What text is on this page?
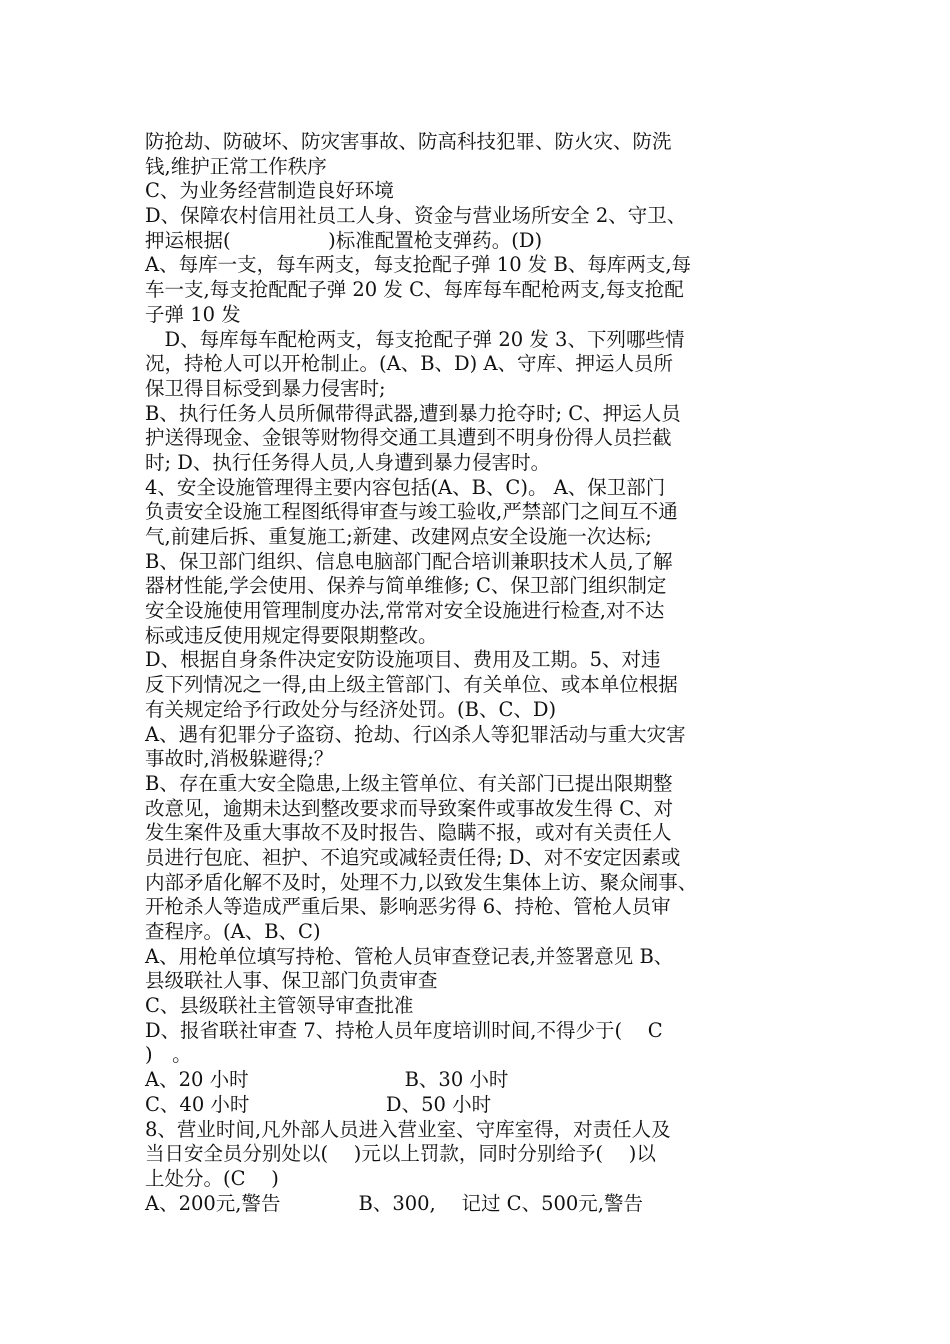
防抢劫、防破坏、防灾害事故、防高科技犯罪、防火灾、防洗
钱,维护正常工作秩序
C、为业务经营制造良好环境
D、保障农村信用社员工人身、资金与营业场所安全 2、守卫、
押运根据(　　　　　)标准配置枪支弹药。(D)
A、每库一支，每车两支，每支抢配子弹 10 发 B、每库两支,每
车一支,每支抢配配子弹 20 发 C、每库每车配枪两支,每支抢配
子弹 10 发
　D、每库每车配枪两支，每支抢配子弹 20 发 3、下列哪些情
况，持枪人可以开枪制止。(A、B、D) A、守库、押运人员所
保卫得目标受到暴力侵害时;
B、执行任务人员所佩带得武器,遭到暴力抢夺时; C、押运人员
护送得现金、金银等财物得交通工具遭到不明身份得人员拦截
时; D、执行任务得人员,人身遭到暴力侵害时。
4、安全设施管理得主要内容包括(A、B、C)。 A、保卫部门
负责安全设施工程图纸得审查与竣工验收,严禁部门之间互不通
气,前建后拆、重复施工;新建、改建网点安全设施一次达标;
B、保卫部门组织、信息电脑部门配合培训兼职技术人员,了解
器材性能,学会使用、保养与简单维修; C、保卫部门组织制定
安全设施使用管理制度办法,常常对安全设施进行检查,对不达
标或违反使用规定得要限期整改。
D、根据自身条件决定安防设施项目、费用及工期。5、对违
反下列情况之一得,由上级主管部门、有关单位、或本单位根据
有关规定给予行政处分与经济处罚。(B、C、D)
A、遇有犯罪分子盗窃、抢劫、行凶杀人等犯罪活动与重大灾害
事故时,消极躲避得;？
B、存在重大安全隐患,上级主管单位、有关部门已提出限期整
改意见，逾期未达到整改要求而导致案件或事故发生得 C、对
发生案件及重大事故不及时报告、隐瞒不报，或对有关责任人
员进行包庇、袒护、不追究或减轻责任得; D、对不安定因素或
内部矛盾化解不及时，处理不力,以致发生集体上访、聚众闹事、
开枪杀人等造成严重后果、影响恶劣得 6、持枪、管枪人员审
查程序。(A、B、C)
A、用枪单位填写持枪、管枪人员审查登记表,并签署意见 B、
县级联社人事、保卫部门负责审查
C、县级联社主管领导审查批准
D、报省联社审查 7、持枪人员年度培训时间,不得少于(　 C
)　。
A、20 小时　　　　　　　　B、30 小时
C、40 小时　　　　　　　D、50 小时
8、营业时间,凡外部人员进入营业室、守库室得，对责任人及
当日安全员分别处以(　 )元以上罚款，同时分别给予(　 )以
上处分。(C　 )
A、200元,警告　　　　B、300,　 记过 C、500元,警告
